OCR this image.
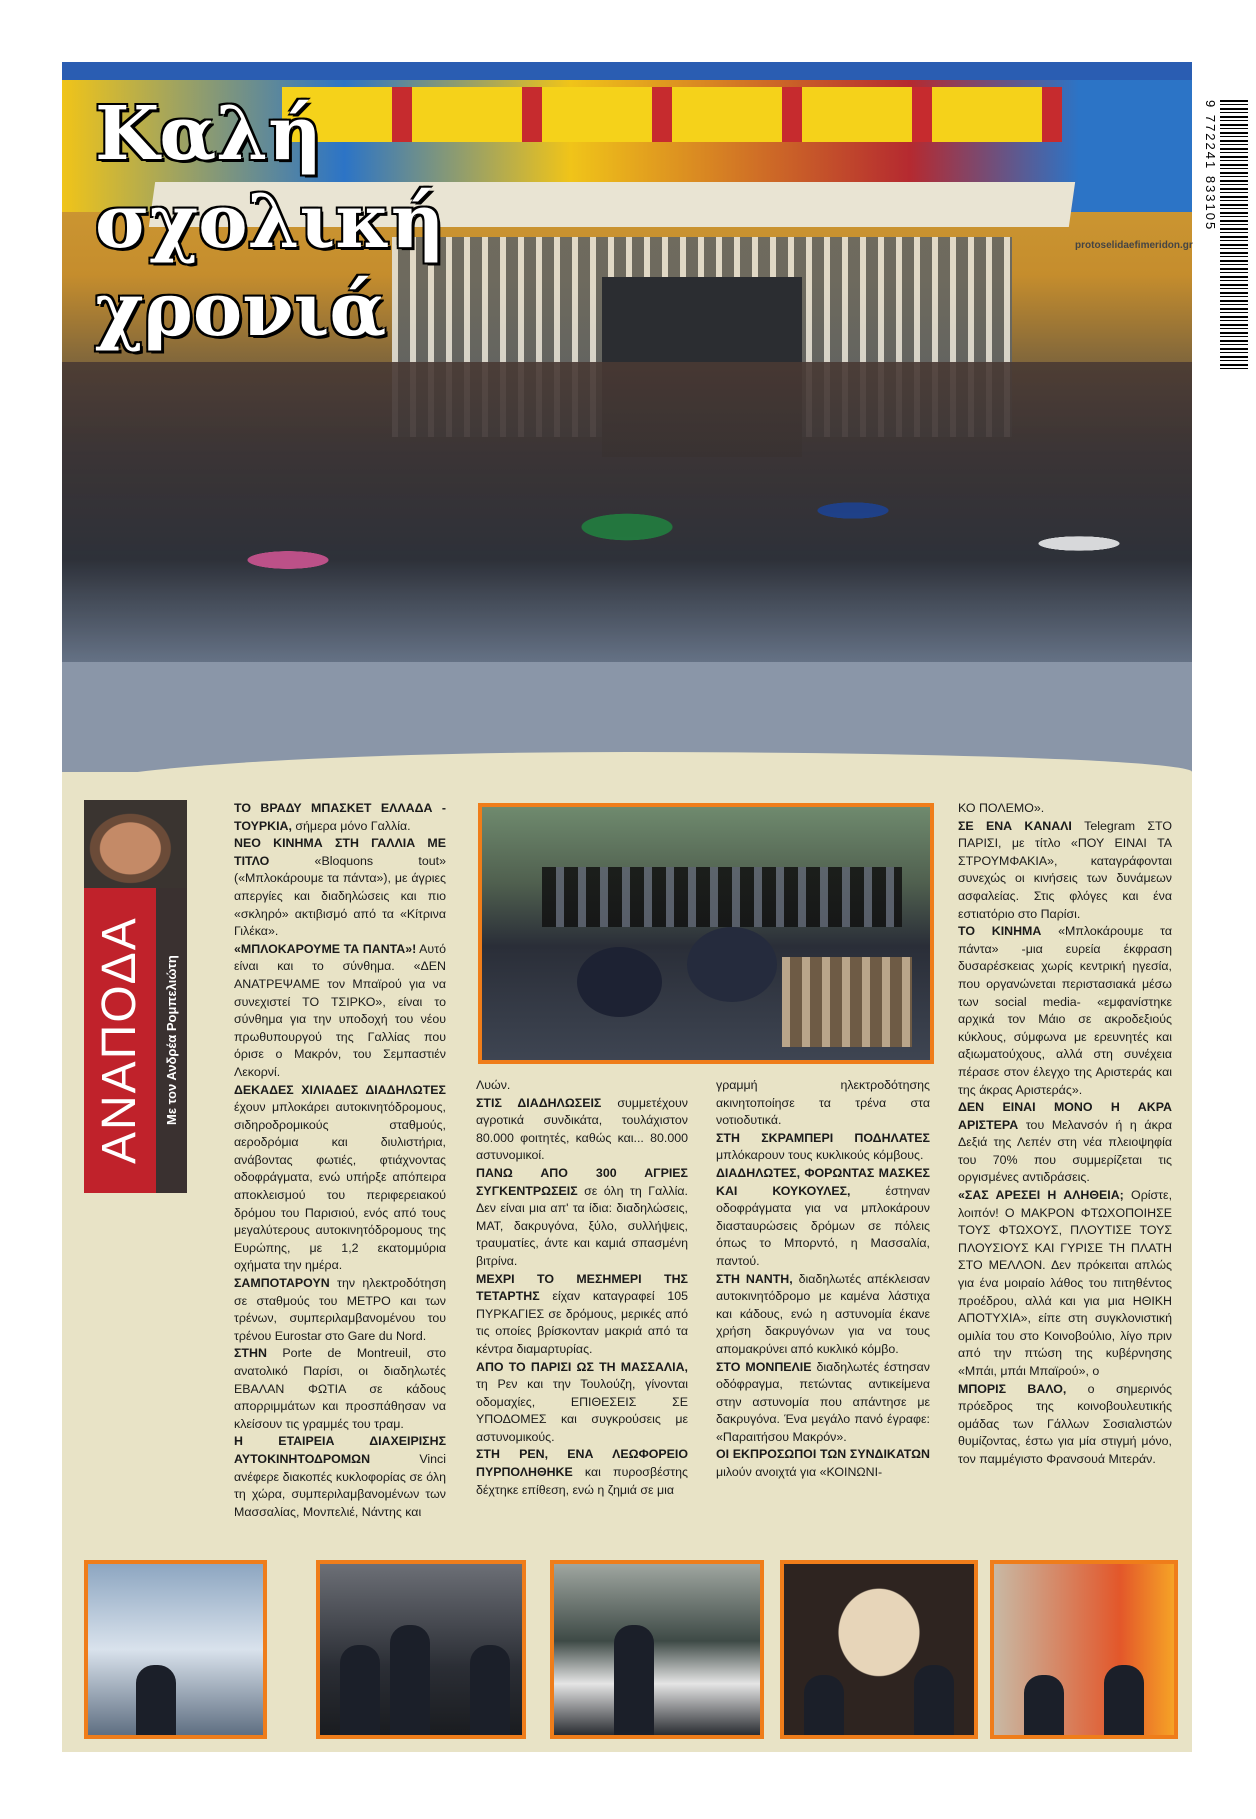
Καλή σχολική χρονιά
9 772241 833105
protoselidaefimeridon.gr
ΑΝΑΠΟΔΑ	Με τον Ανδρέα Ρομπελιώτη

ΤΟ ΒΡΑΔΥ ΜΠΑΣΚΕΤ ΕΛΛΑΔΑ - ΤΟΥΡΚΙΑ, σήμερα μόνο Γαλλία.

ΝΕΟ ΚΙΝΗΜΑ ΣΤΗ ΓΑΛΛΙΑ ΜΕ ΤΙΤΛΟ «Bloquons tout» («Μπλοκάρουμε τα πάντα»), με άγριες απεργίες και διαδηλώσεις και πιο «σκληρό» ακτιβισμό από τα «Κίτρινα Γιλέκα».

«ΜΠΛΟΚΑΡΟΥΜΕ ΤΑ ΠΑΝΤΑ»! Αυτό είναι και το σύνθημα. «ΔΕΝ ΑΝΑΤΡΕΨΑΜΕ τον Μπαϊρού για να συνεχιστεί ΤΟ ΤΣΙΡΚΟ», είναι το σύνθημα για την υποδοχή του νέου πρωθυπουργού της Γαλλίας που όρισε ο Μακρόν, του Σεμπαστιέν Λεκορνί.

ΔΕΚΑΔΕΣ ΧΙΛΙΑΔΕΣ ΔΙΑΔΗΛΩΤΕΣ έχουν μπλοκάρει αυτοκινητόδρομους, σιδηροδρομικούς σταθμούς, αεροδρόμια και διυλιστήρια, ανάβοντας φωτιές, φτιάχνοντας οδοφράγματα, ενώ υπήρξε απόπειρα αποκλεισμού του περιφερειακού δρόμου του Παρισιού, ενός από τους μεγαλύτερους αυτοκινητόδρομους της Ευρώπης, με 1,2 εκατομμύρια οχήματα την ημέρα.

ΣΑΜΠΟΤΑΡΟΥΝ την ηλεκτροδότηση σε σταθμούς του ΜΕΤΡΟ και των τρένων, συμπεριλαμβανομένου του τρένου Eurostar στο Gare du Nord.

ΣΤΗΝ Porte de Montreuil, στο ανατολικό Παρίσι, οι διαδηλωτές ΕΒΑΛΑΝ ΦΩΤΙΑ σε κάδους απορριμμάτων και προσπάθησαν να κλείσουν τις γραμμές του τραμ.

Η ΕΤΑΙΡΕΙΑ ΔΙΑΧΕΙΡΙΣΗΣ ΑΥΤΟΚΙΝΗΤΟΔΡΟΜΩΝ Vinci ανέφερε διακοπές κυκλοφορίας σε όλη τη χώρα, συμπεριλαμβανομένων των Μασσαλίας, Μονπελιέ, Νάντης και

Λυών.

ΣΤΙΣ ΔΙΑΔΗΛΩΣΕΙΣ συμμετέχουν αγροτικά συνδικάτα, τουλάχιστον 80.000 φοιτητές, καθώς και... 80.000 αστυνομικοί.

ΠΑΝΩ ΑΠΟ 300 ΑΓΡΙΕΣ ΣΥΓΚΕΝΤΡΩΣΕΙΣ σε όλη τη Γαλλία. Δεν είναι μια απ' τα ίδια: διαδηλώσεις, ΜΑΤ, δακρυγόνα, ξύλο, συλλήψεις, τραυματίες, άντε και καμιά σπασμένη βιτρίνα.

ΜΕΧΡΙ ΤΟ ΜΕΣΗΜΕΡΙ ΤΗΣ ΤΕΤΑΡΤΗΣ είχαν καταγραφεί 105 ΠΥΡΚΑΓΙΕΣ σε δρόμους, μερικές από τις οποίες βρίσκονταν μακριά από τα κέντρα διαμαρτυρίας.

ΑΠΟ ΤΟ ΠΑΡΙΣΙ ΩΣ ΤΗ ΜΑΣΣΑΛΙΑ, τη Ρεν και την Τουλούζη, γίνονται οδομαχίες, ΕΠΙΘΕΣΕΙΣ ΣΕ ΥΠΟΔΟΜΕΣ και συγκρούσεις με αστυνομικούς.

ΣΤΗ ΡΕΝ, ΕΝΑ ΛΕΩΦΟΡΕΙΟ ΠΥΡΠΟΛΗΘΗΚΕ και πυροσβέστης δέχτηκε επίθεση, ενώ η ζημιά σε μια

γραμμή ηλεκτροδότησης ακινητοποίησε τα τρένα στα νοτιοδυτικά.

ΣΤΗ ΣΚΡΑΜΠΕΡΙ ΠΟΔΗΛΑΤΕΣ μπλόκαρουν τους κυκλικούς κόμβους.

ΔΙΑΔΗΛΩΤΕΣ, ΦΟΡΩΝΤΑΣ ΜΑΣΚΕΣ ΚΑΙ ΚΟΥΚΟΥΛΕΣ, έστηναν οδοφράγματα για να μπλοκάρουν διασταυρώσεις δρόμων σε πόλεις όπως το Μπορντό, η Μασσαλία, παντού.

ΣΤΗ ΝΑΝΤΗ, διαδηλωτές απέκλεισαν αυτοκινητόδρομο με καμένα λάστιχα και κάδους, ενώ η αστυνομία έκανε χρήση δακρυγόνων για να τους απομακρύνει από κυκλικό κόμβο.

ΣΤΟ ΜΟΝΠΕΛΙΕ διαδηλωτές έστησαν οδόφραγμα, πετώντας αντικείμενα στην αστυνομία που απάντησε με δακρυγόνα. Ένα μεγάλο πανό έγραφε: «Παραιτήσου Μακρόν».

ΟΙ ΕΚΠΡΟΣΩΠΟΙ ΤΩΝ ΣΥΝΔΙΚΑΤΩΝ μιλούν ανοιχτά για «ΚΟΙΝΩΝΙ-

ΚΟ ΠΟΛΕΜΟ».

ΣΕ ΕΝΑ ΚΑΝΑΛΙ Telegram ΣΤΟ ΠΑΡΙΣΙ, με τίτλο «ΠΟΥ ΕΙΝΑΙ ΤΑ ΣΤΡΟΥΜΦΑΚΙΑ», καταγράφονται συνεχώς οι κινήσεις των δυνάμεων ασφαλείας. Στις φλόγες και ένα εστιατόριο στο Παρίσι.

ΤΟ ΚΙΝΗΜΑ «Μπλοκάρουμε τα πάντα» -μια ευρεία έκφραση δυσαρέσκειας χωρίς κεντρική ηγεσία, που οργανώνεται περιστασιακά μέσω των social media- «εμφανίστηκε αρχικά τον Μάιο σε ακροδεξιούς κύκλους, σύμφωνα με ερευνητές και αξιωματούχους, αλλά στη συνέχεια πέρασε στον έλεγχο της Αριστεράς και της άκρας Αριστεράς».

ΔΕΝ ΕΙΝΑΙ ΜΟΝΟ Η ΑΚΡΑ ΑΡΙΣΤΕΡΑ του Μελανσόν ή η άκρα Δεξιά της Λεπέν στη νέα πλειοψηφία του 70% που συμμερίζεται τις οργισμένες αντιδράσεις.

«ΣΑΣ ΑΡΕΣΕΙ Η ΑΛΗΘΕΙΑ; Ορίστε, λοιπόν! Ο ΜΑΚΡΟΝ ΦΤΩΧΟΠΟΙΗΣΕ ΤΟΥΣ ΦΤΩΧΟΥΣ, ΠΛΟΥΤΙΣΕ ΤΟΥΣ ΠΛΟΥΣΙΟΥΣ ΚΑΙ ΓΥΡΙΣΕ ΤΗ ΠΛΑΤΗ ΣΤΟ ΜΕΛΛΟΝ. Δεν πρόκειται απλώς για ένα μοιραίο λάθος του πιτηθέντος προέδρου, αλλά και για μια ΗΘΙΚΗ ΑΠΟΤΥΧΙΑ», είπε στη συγκλονιστική ομιλία του στο Κοινοβούλιο, λίγο πριν από την πτώση της κυβέρνησης «Μπάι, μπάι Μπαϊρού», ο

ΜΠΟΡΙΣ ΒΑΛΟ, ο σημερινός πρόεδρος της κοινοβουλευτικής ομάδας των Γάλλων Σοσιαλιστών θυμίζοντας, έστω για μία στιγμή μόνο, τον παμμέγιστο Φρανσουά Μιτεράν.
